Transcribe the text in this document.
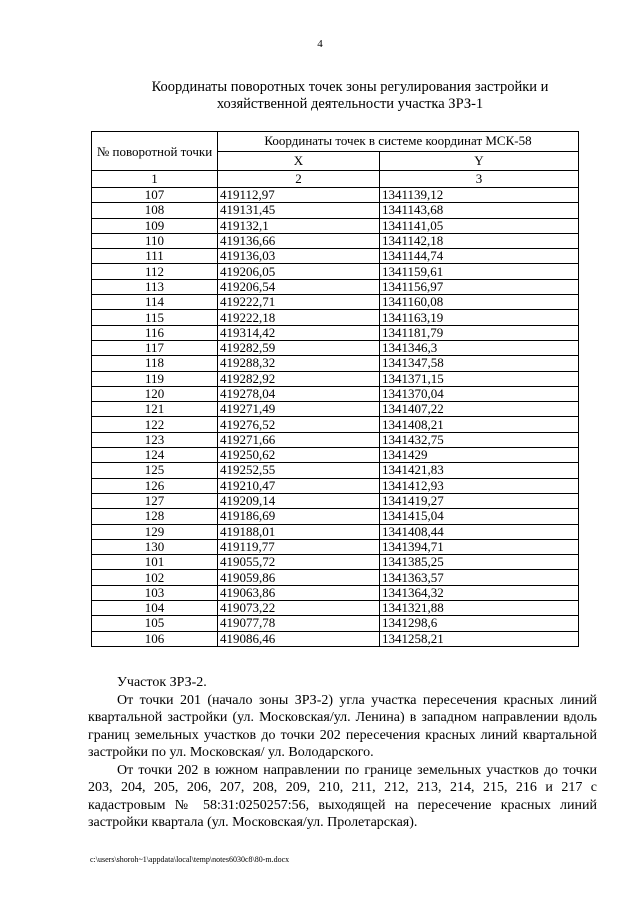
4
Координаты поворотных точек зоны регулирования застройки и
хозяйственной деятельности участка ЗРЗ-1
№ поворотной точки	Координаты точек в системе координат МСК-58	
	X	Y
1	2	3
107	419112,97	1341139,12
108	419131,45	1341143,68
109	419132,1	1341141,05
110	419136,66	1341142,18
111	419136,03	1341144,74
112	419206,05	1341159,61
113	419206,54	1341156,97
114	419222,71	1341160,08
115	419222,18	1341163,19
116	419314,42	1341181,79
117	419282,59	1341346,3
118	419288,32	1341347,58
119	419282,92	1341371,15
120	419278,04	1341370,04
121	419271,49	1341407,22
122	419276,52	1341408,21
123	419271,66	1341432,75
124	419250,62	1341429
125	419252,55	1341421,83
126	419210,47	1341412,93
127	419209,14	1341419,27
128	419186,69	1341415,04
129	419188,01	1341408,44
130	419119,77	1341394,71
101	419055,72	1341385,25
102	419059,86	1341363,57
103	419063,86	1341364,32
104	419073,22	1341321,88
105	419077,78	1341298,6
106	419086,46	1341258,21

Участок ЗРЗ-2.

От точки 201 (начало зоны ЗРЗ-2) угла участка пересечения красных линий квартальной застройки (ул. Московская/ул. Ленина) в западном направлении вдоль границ земельных участков до точки 202 пересечения красных линий квартальной застройки по ул. Московская/ ул. Володарского.

От точки 202 в южном направлении по границе земельных участков до точки 203, 204, 205, 206, 207, 208, 209, 210, 211, 212, 213, 214, 215, 216 и 217 с кадастровым № 58:31:0250257:56, выходящей на пересечение красных линий застройки квартала (ул. Московская/ул. Пролетарская).

c:\users\shoroh~1\appdata\local\temp\notes6030c8\80-m.docx
